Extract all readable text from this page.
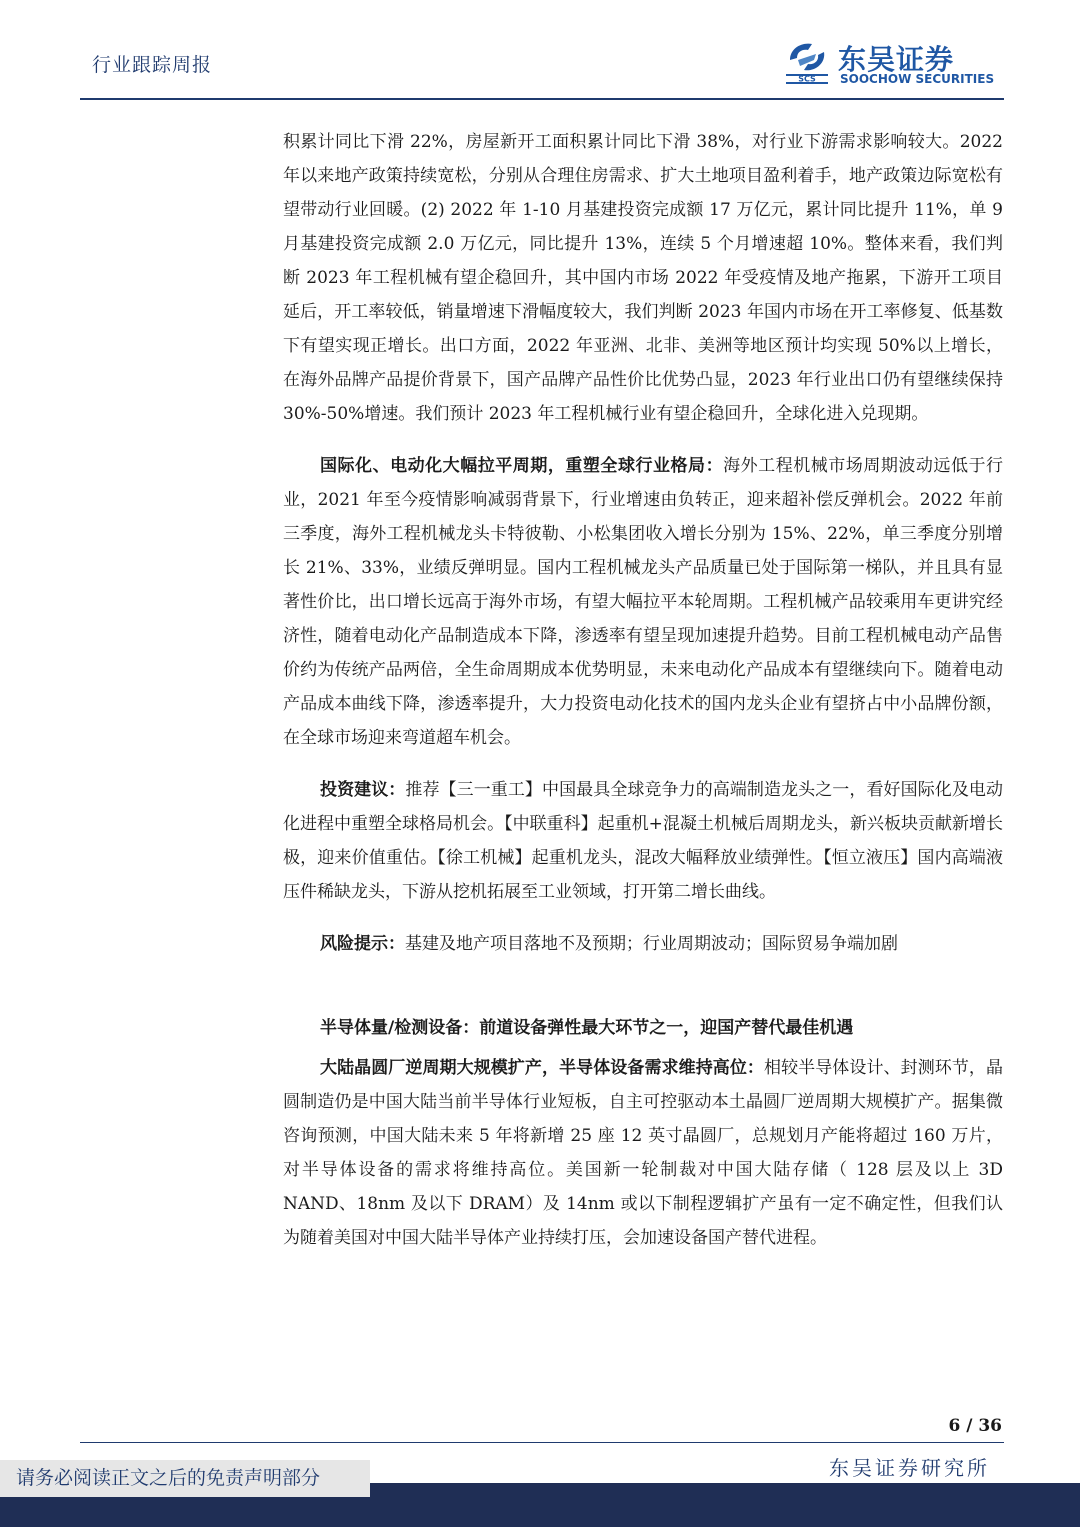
行业跟踪周报
SCS
东吴证券
SOOCHOW SECURITIES

积累计同比下滑 22%，房屋新开工面积累计同比下滑 38%，对行业下游需求影响较大。2022 年以来地产政策持续宽松，分别从合理住房需求、扩大土地项目盈利着手，地产政策边际宽松有望带动行业回暖。(2) 2022 年 1-10 月基建投资完成额 17 万亿元，累计同比提升 11%，单 9 月基建投资完成额 2.0 万亿元，同比提升 13%，连续 5 个月增速超 10%。整体来看，我们判断 2023 年工程机械有望企稳回升，其中国内市场 2022 年受疫情及地产拖累，下游开工项目延后，开工率较低，销量增速下滑幅度较大，我们判断 2023 年国内市场在开工率修复、低基数下有望实现正增长。出口方面，2022 年亚洲、北非、美洲等地区预计均实现 50%以上增长，在海外品牌产品提价背景下，国产品牌产品性价比优势凸显，2023 年行业出口仍有望继续保持 30%-50%增速。我们预计 2023 年工程机械行业有望企稳回升，全球化进入兑现期。

国际化、电动化大幅拉平周期，重塑全球行业格局：海外工程机械市场周期波动远低于行业，2021 年至今疫情影响减弱背景下，行业增速由负转正，迎来超补偿反弹机会。2022 年前三季度，海外工程机械龙头卡特彼勒、小松集团收入增长分别为 15%、22%，单三季度分别增长 21%、33%，业绩反弹明显。国内工程机械龙头产品质量已处于国际第一梯队，并且具有显著性价比，出口增长远高于海外市场，有望大幅拉平本轮周期。工程机械产品较乘用车更讲究经济性，随着电动化产品制造成本下降，渗透率有望呈现加速提升趋势。目前工程机械电动产品售价约为传统产品两倍，全生命周期成本优势明显，未来电动化产品成本有望继续向下。随着电动产品成本曲线下降，渗透率提升，大力投资电动化技术的国内龙头企业有望挤占中小品牌份额，在全球市场迎来弯道超车机会。

投资建议：推荐【三一重工】中国最具全球竞争力的高端制造龙头之一，看好国际化及电动化进程中重塑全球格局机会。【中联重科】起重机+混凝土机械后周期龙头，新兴板块贡献新增长极，迎来价值重估。【徐工机械】起重机龙头，混改大幅释放业绩弹性。【恒立液压】国内高端液压件稀缺龙头，下游从挖机拓展至工业领域，打开第二增长曲线。

风险提示：基建及地产项目落地不及预期；行业周期波动；国际贸易争端加剧

半导体量/检测设备：前道设备弹性最大环节之一，迎国产替代最佳机遇

大陆晶圆厂逆周期大规模扩产，半导体设备需求维持高位：相较半导体设计、封测环节，晶圆制造仍是中国大陆当前半导体行业短板，自主可控驱动本土晶圆厂逆周期大规模扩产。据集微咨询预测，中国大陆未来 5 年将新增 25 座 12 英寸晶圆厂，总规划月产能将超过 160 万片，对半导体设备的需求将维持高位。美国新一轮制裁对中国大陆存储（ 128 层及以上 3D NAND、18nm 及以下 DRAM）及 14nm 或以下制程逻辑扩产虽有一定不确定性，但我们认为随着美国对中国大陆半导体产业持续打压，会加速设备国产替代进程。

6 / 36
东吴证券研究所
请务必阅读正文之后的免责声明部分
